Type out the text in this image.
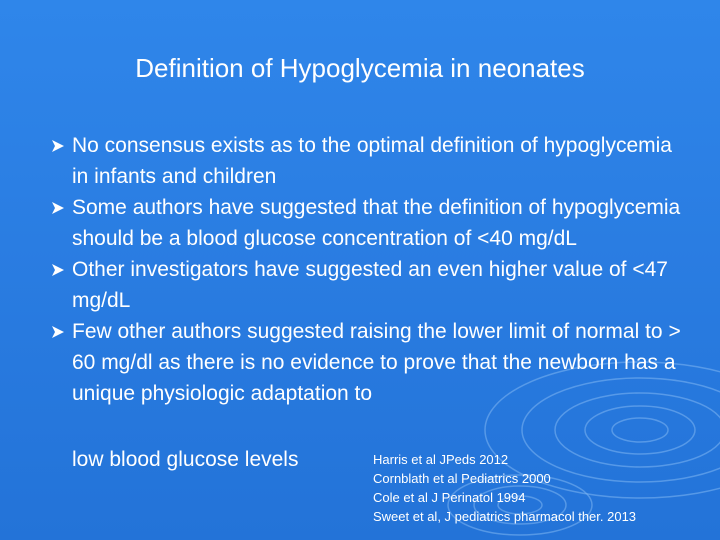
Definition of Hypoglycemia in neonates
No consensus exists as to the optimal definition of hypoglycemia in infants and children
Some authors have suggested that the definition of hypoglycemia should be a blood glucose concentration of <40 mg/dL
Other investigators have suggested an even higher value of <47 mg/dL
Few other authors suggested raising the lower limit of normal to > 60 mg/dl as there is no evidence to prove that the newborn has a unique physiologic adaptation to
low blood glucose levels	Harris et al JPeds 2012
Cornblath et al Pediatrics 2000
Cole et al J Perinatol 1994
Sweet et al, J pediatrics pharmacol ther. 2013
